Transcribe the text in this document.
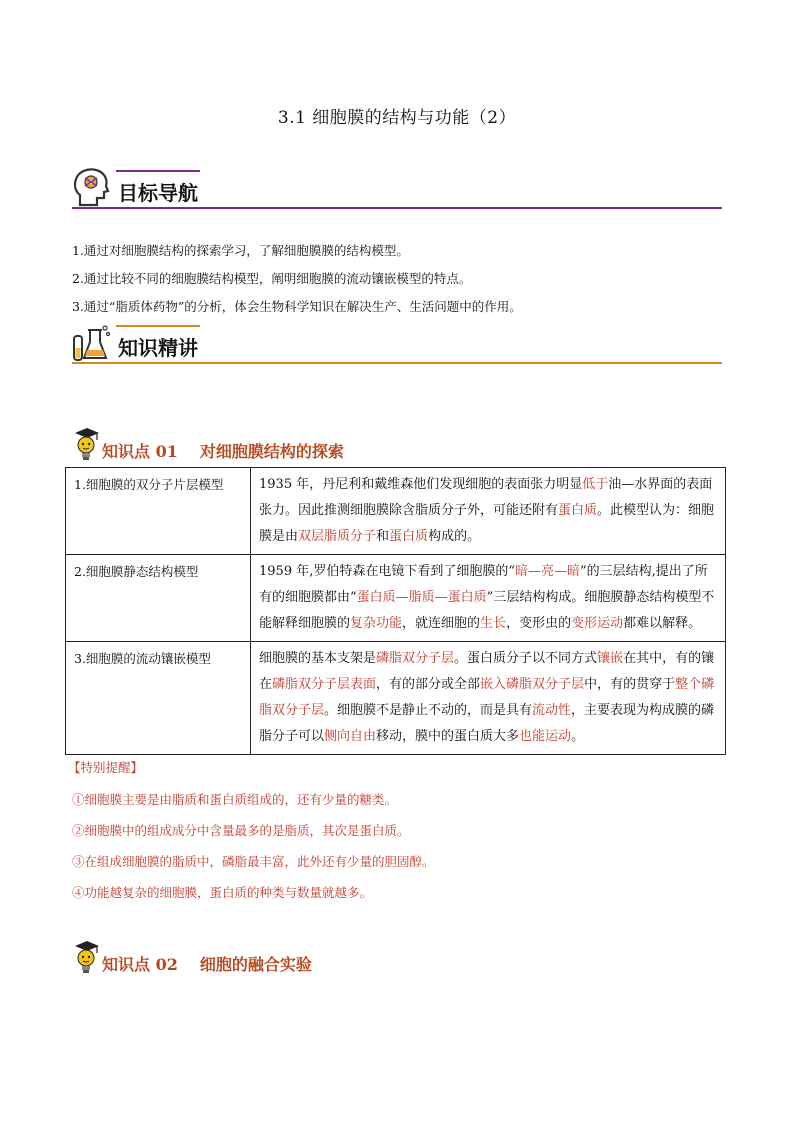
3.1 细胞膜的结构与功能（2）
目标导航

1.通过对细胞膜结构的探索学习，了解细胞膜膜的结构模型。

2.通过比较不同的细胞膜结构模型，阐明细胞膜的流动镶嵌模型的特点。

3.通过“脂质体药物”的分析，体会生物科学知识在解决生产、生活问题中的作用。

知识精讲
知识点 01 对细胞膜结构的探索
1.细胞膜的双分子片层模型	1935 年，丹尼利和戴维森他们发现细胞的表面张力明显低于油—水界面的表面张力。因此推测细胞膜除含脂质分子外，可能还附有蛋白质。此模型认为：细胞膜是由双层脂质分子和蛋白质构成的。
2.细胞膜静态结构模型	1959 年,罗伯特森在电镜下看到了细胞膜的“暗—亮—暗”的三层结构,提出了所有的细胞膜都由“蛋白质—脂质—蛋白质”三层结构构成。细胞膜静态结构模型不能解释细胞膜的复杂功能，就连细胞的生长，变形虫的变形运动都难以解释。
3.细胞膜的流动镶嵌模型	细胞膜的基本支架是磷脂双分子层。蛋白质分子以不同方式镶嵌在其中，有的镶在磷脂双分子层表面，有的部分或全部嵌入磷脂双分子层中，有的贯穿于整个磷脂双分子层。细胞膜不是静止不动的，而是具有流动性，主要表现为构成膜的磷脂分子可以侧向自由移动，膜中的蛋白质大多也能运动。

【特别提醒】

①细胞膜主要是由脂质和蛋白质组成的，还有少量的糖类。

②细胞膜中的组成成分中含量最多的是脂质，其次是蛋白质。

③在组成细胞膜的脂质中，磷脂最丰富，此外还有少量的胆固醇。

④功能越复杂的细胞膜，蛋白质的种类与数量就越多。

知识点 02 细胞的融合实验
